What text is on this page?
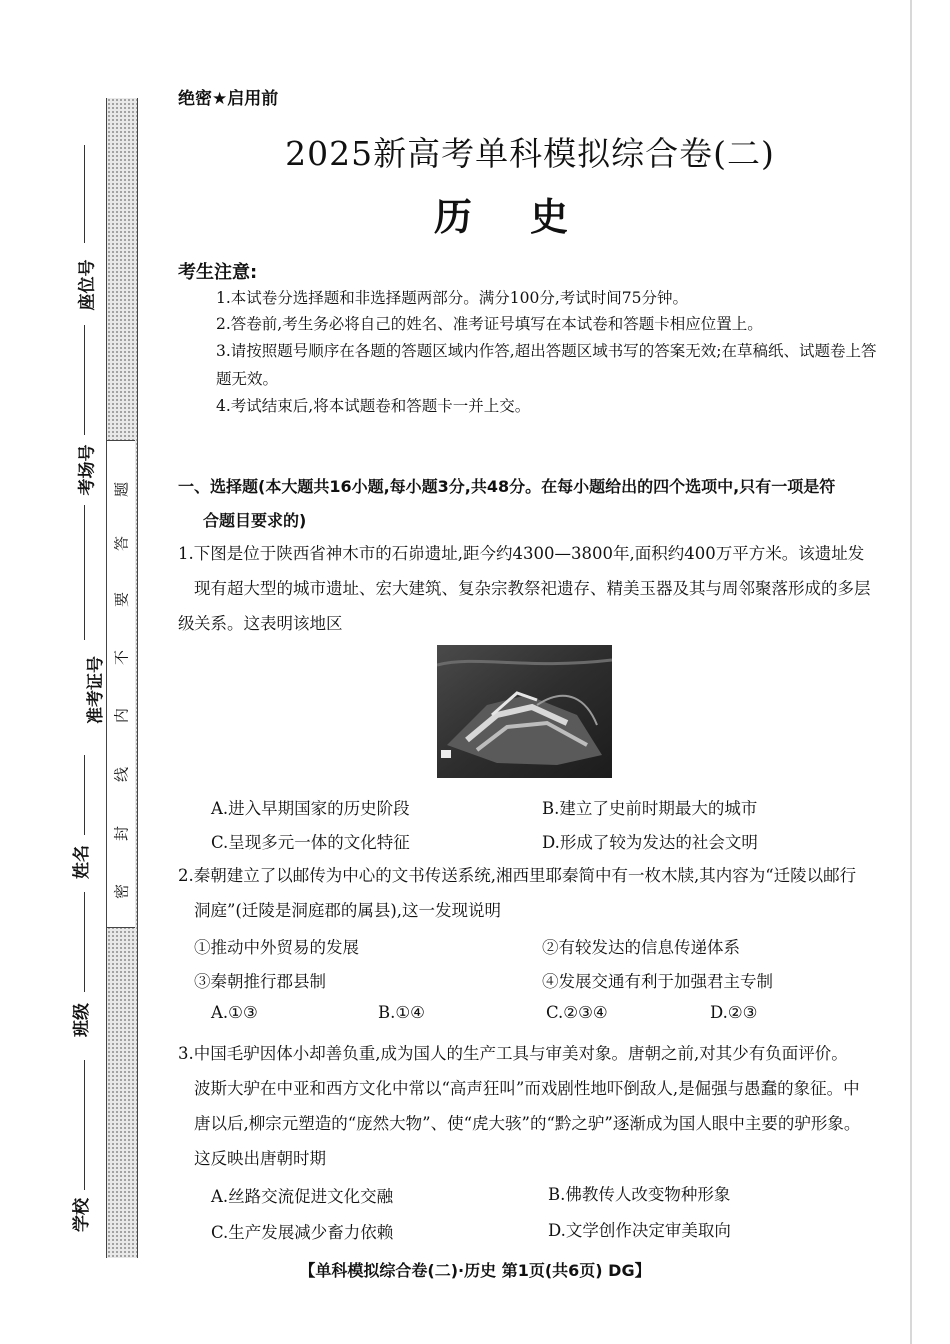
密
封
线
内
不
要
答
题
座位号
考场号
准考证号
姓名
班级
学校
绝密★启用前
2025新高考单科模拟综合卷(二)
历史
考生注意:
1.本试卷分选择题和非选择题两部分。满分100分,考试时间75分钟。
2.答卷前,考生务必将自己的姓名、准考证号填写在本试卷和答题卡相应位置上。
3.请按照题号顺序在各题的答题区域内作答,超出答题区域书写的答案无效;在草稿纸、试题卷上答题无效。
4.考试结束后,将本试题卷和答题卡一并上交。
一、选择题(本大题共16小题,每小题3分,共48分。在每小题给出的四个选项中,只有一项是符
合题目要求的)
1.下图是位于陕西省神木市的石峁遗址,距今约4300—3800年,面积约400万平方米。该遗址发
现有超大型的城市遗址、宏大建筑、复杂宗教祭祀遗存、精美玉器及其与周邻聚落形成的多层级 关系。这表明该地区
A.进入早期国家的历史阶段	B.建立了史前时期最大的城市
C.呈现多元一体的文化特征	D.形成了较为发达的社会文明
2.秦朝建立了以邮传为中心的文书传送系统,湘西里耶秦简中有一枚木牍,其内容为“迁陵以邮行
洞庭”(迁陵是洞庭郡的属县),这一发现说明
①推动中外贸易的发展	②有较发达的信息传递体系
③秦朝推行郡县制	④发展交通有利于加强君主专制
A.①③	B.①④	C.②③④	D.②③
3.中国毛驴因体小却善负重,成为国人的生产工具与审美对象。唐朝之前,对其少有负面评价。
波斯大驴在中亚和西方文化中常以“高声狂叫”而戏剧性地吓倒敌人,是倔强与愚蠢的象征。中
唐以后,柳宗元塑造的“庞然大物”、使“虎大骇”的“黔之驴”逐渐成为国人眼中主要的驴形象。
这反映出唐朝时期
A.丝路交流促进文化交融	B.佛教传人改变物种形象
C.生产发展减少畜力依赖	D.文学创作决定审美取向
【单科模拟综合卷(二)·历史 第1页(共6页) DG】
